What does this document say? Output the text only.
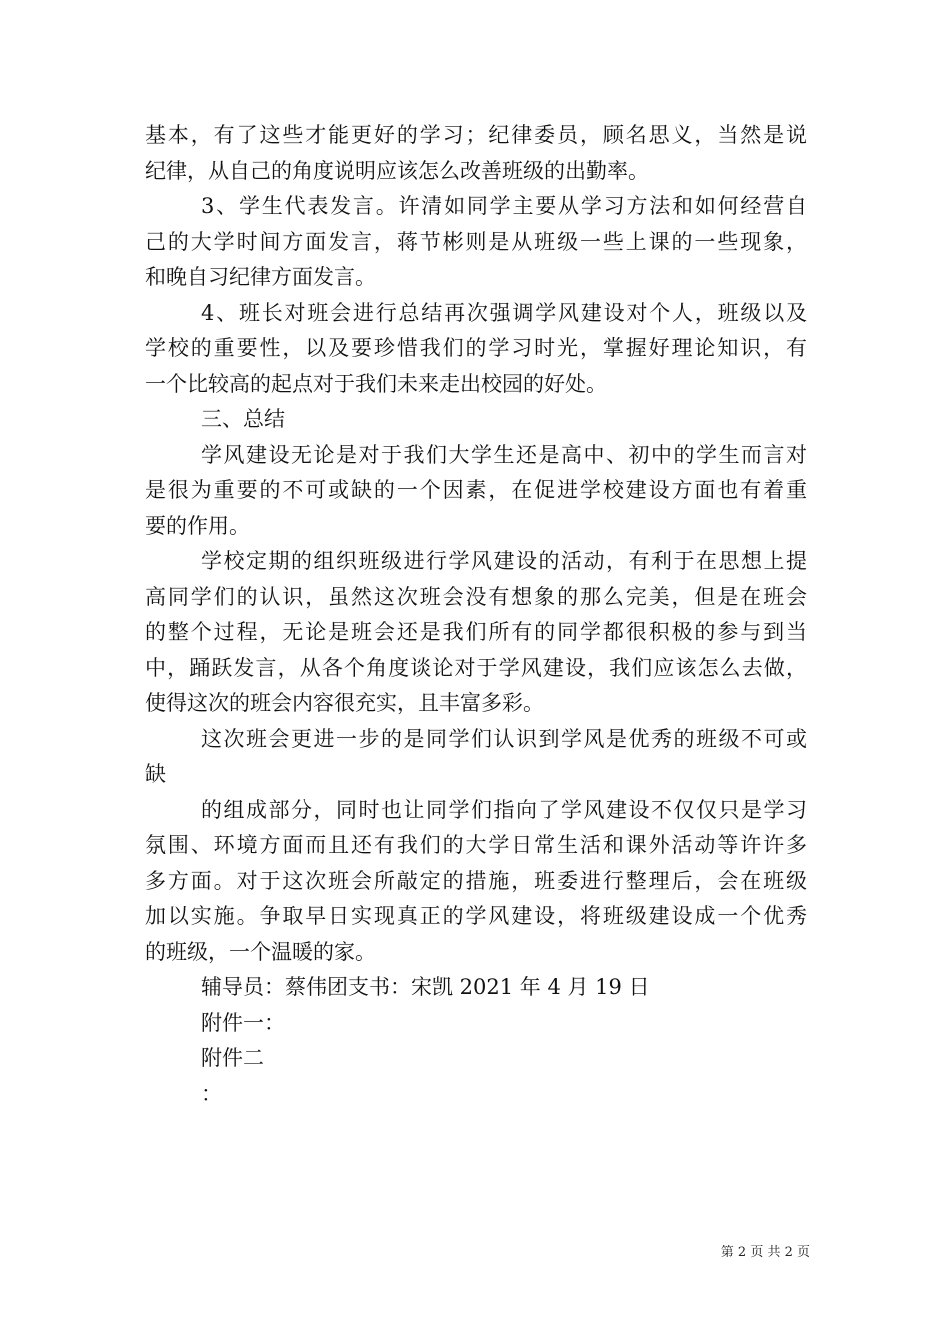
基本，有了这些才能更好的学习；纪律委员，顾名思义，当然是说
纪律，从自己的角度说明应该怎么改善班级的出勤率。
3、学生代表发言。许清如同学主要从学习方法和如何经营自
己的大学时间方面发言，蒋节彬则是从班级一些上课的一些现象，
和晚自习纪律方面发言。
4、班长对班会进行总结再次强调学风建设对个人，班级以及
学校的重要性，以及要珍惜我们的学习时光，掌握好理论知识，有
一个比较高的起点对于我们未来走出校园的好处。
三、总结
学风建设无论是对于我们大学生还是高中、初中的学生而言对
是很为重要的不可或缺的一个因素，在促进学校建设方面也有着重
要的作用。
学校定期的组织班级进行学风建设的活动，有利于在思想上提
高同学们的认识，虽然这次班会没有想象的那么完美，但是在班会
的整个过程，无论是班会还是我们所有的同学都很积极的参与到当
中，踊跃发言，从各个角度谈论对于学风建设，我们应该怎么去做，
使得这次的班会内容很充实，且丰富多彩。
这次班会更进一步的是同学们认识到学风是优秀的班级不可或
缺
的组成部分，同时也让同学们指向了学风建设不仅仅只是学习
氛围、环境方面而且还有我们的大学日常生活和课外活动等许许多
多方面。对于这次班会所敲定的措施，班委进行整理后，会在班级
加以实施。争取早日实现真正的学风建设，将班级建设成一个优秀
的班级，一个温暖的家。
辅导员：蔡伟团支书：宋凯 2021 年 4 月 19 日
附件一：
附件二
：
第 2 页 共 2 页
